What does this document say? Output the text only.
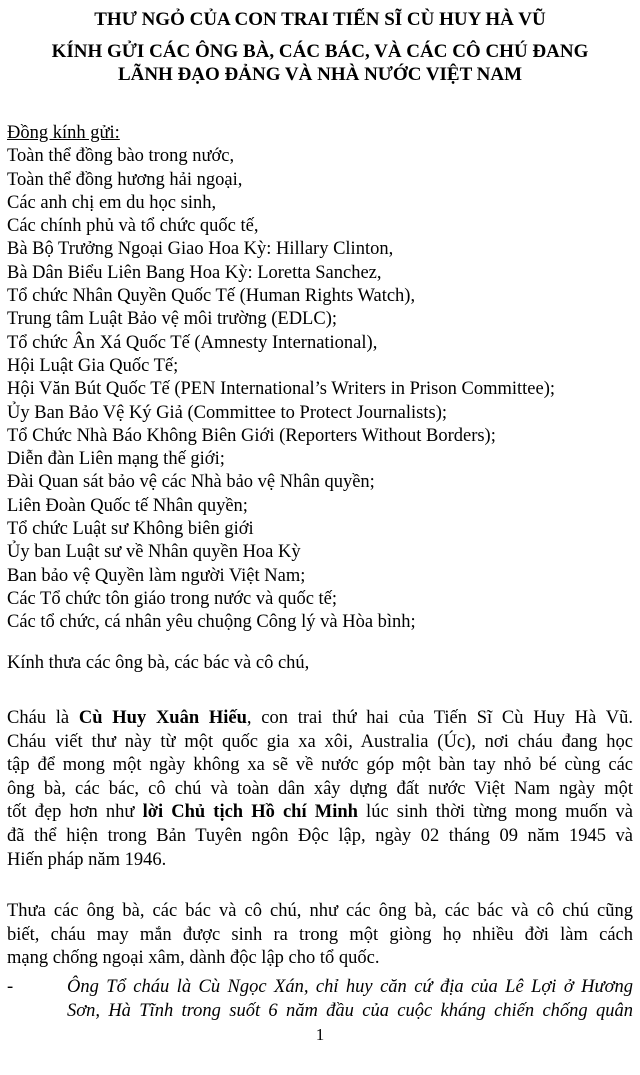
THƯ NGỎ CỦA CON TRAI TIẾN SĨ CÙ HUY HÀ VŨ
KÍNH GỬI CÁC ÔNG BÀ, CÁC BÁC, VÀ CÁC CÔ CHÚ ĐANG
LÃNH ĐẠO ĐẢNG VÀ NHÀ NƯỚC VIỆT NAM
Đồng kính gửi:
Toàn thể đồng bào trong nước,
Toàn thể đồng hương hải ngoại,
Các anh chị em du học sinh,
Các chính phủ và tổ chức quốc tế,
Bà Bộ Trưởng Ngoại Giao Hoa Kỳ: Hillary Clinton,
Bà Dân Biểu Liên Bang Hoa Kỳ: Loretta Sanchez,
Tổ chức Nhân Quyền Quốc Tế (Human Rights Watch),
Trung tâm Luật Bảo vệ môi trường (EDLC);
Tổ chức Ân Xá Quốc Tế (Amnesty International),
Hội Luật Gia Quốc Tế;
Hội Văn Bút Quốc Tế (PEN International’s Writers in Prison Committee);
Ủy Ban Bảo Vệ Ký Giả (Committee to Protect Journalists);
Tổ Chức Nhà Báo Không Biên Giới (Reporters Without Borders);
Diễn đàn Liên mạng thế giới;
Đài Quan sát bảo vệ các Nhà bảo vệ Nhân quyền;
Liên Đoàn Quốc tế Nhân quyền;
Tổ chức Luật sư Không biên giới
Ủy ban Luật sư về Nhân quyền Hoa Kỳ
Ban bảo vệ Quyền làm người Việt Nam;
Các Tổ chức tôn giáo trong nước và quốc tế;
Các tổ chức, cá nhân yêu chuộng Công lý và Hòa bình;
Kính thưa các ông bà, các bác và cô chú,
Cháu là Cù Huy Xuân Hiếu, con trai thứ hai của Tiến Sĩ Cù Huy Hà Vũ.
Cháu viết thư này từ một quốc gia xa xôi, Australia (Úc), nơi cháu đang học
tập để mong một ngày không xa sẽ về nước góp một bàn tay nhỏ bé cùng các
ông bà, các bác, cô chú và toàn dân xây dựng đất nước Việt Nam ngày một
tốt đẹp hơn như lời Chủ tịch Hồ chí Minh lúc sinh thời từng mong muốn và
đã thể hiện trong Bản Tuyên ngôn Độc lập, ngày 02 tháng 09 năm 1945 và
Hiến pháp năm 1946.
Thưa các ông bà, các bác và cô chú, như các ông bà, các bác và cô chú cũng
biết, cháu may mắn được sinh ra trong một giòng họ nhiều đời làm cách
mạng chống ngoại xâm, dành độc lập cho tổ quốc.
-	Ông Tổ cháu là Cù Ngọc Xán, chỉ huy căn cứ địa của Lê Lợi ở Hương
Sơn, Hà Tĩnh trong suốt 6 năm đầu của cuộc kháng chiến chống quân
1
